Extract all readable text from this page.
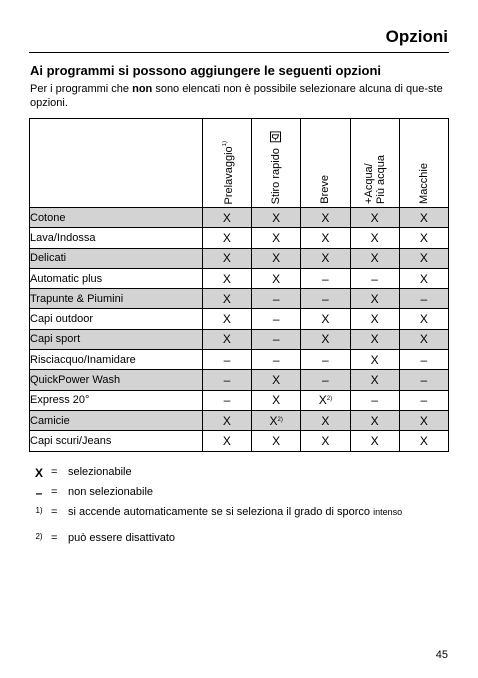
Opzioni
Ai programmi si possono aggiungere le seguenti opzioni
Per i programmi che non sono elencati non è possibile selezionare alcuna di que-ste opzioni.
	Prelavaggio$^{1)}$	Stiro rapido	Breve	+Acqua/
Più acqua	Macchie
Cotone	X	X	X	X	X
Lava/Indossa	X	X	X	X	X
Delicati	X	X	X	X	X
Automatic plus	X	X	–	–	X
Trapunte & Piumini	X	–	–	X	–
Capi outdoor	X	–	X	X	X
Capi sport	X	–	X	X	X
Risciacquo/Inamidare	–	–	–	X	–
QuickPower Wash	–	X	–	X	–
Express 20°	–	X	$X^{2)}$	–	–
Camicie	X	$X^{2)}$	X	X	X
Capi scuri/Jeans	X	X	X	X	X
X = selezionabile
– = non selezionabile
1) = si accende automaticamente se si seleziona il grado di sporco intenso
2) = può essere disattivato
45
